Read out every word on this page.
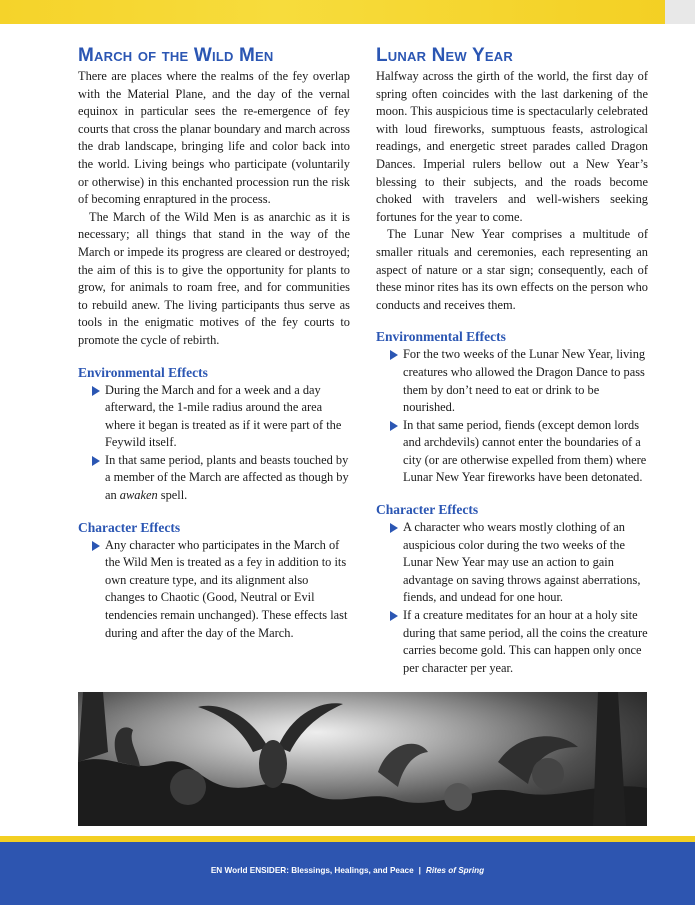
March of the Wild Men

There are places where the realms of the fey overlap with the Material Plane, and the day of the vernal equinox in particular sees the re-emergence of fey courts that cross the planar boundary and march across the drab landscape, bringing life and color back into the world. Living beings who participate (voluntarily or otherwise) in this enchanted procession run the risk of becoming enraptured in the process.

The March of the Wild Men is as anarchic as it is necessary; all things that stand in the way of the March or impede its progress are cleared or destroyed; the aim of this is to give the opportunity for plants to grow, for animals to roam free, and for communities to rebuild anew. The living participants thus serve as tools in the enigmatic motives of the fey courts to promote the cycle of rebirth.

Environmental Effects
During the March and for a week and a day afterward, the 1-mile radius around the area where it began is treated as if it were part of the Feywild itself.
In that same period, plants and beasts touched by a member of the March are affected as though by an awaken spell.
Character Effects
Any character who participates in the March of the Wild Men is treated as a fey in addition to its own creature type, and its alignment also changes to Chaotic (Good, Neutral or Evil tendencies remain unchanged). These effects last during and after the day of the March.
Lunar New Year

Halfway across the girth of the world, the first day of spring often coincides with the last darkening of the moon. This auspicious time is spectacularly celebrated with loud fireworks, sumptuous feasts, astrological readings, and energetic street parades called Dragon Dances. Imperial rulers bellow out a New Year’s blessing to their subjects, and the roads become choked with travelers and well-wishers seeking fortunes for the year to come.

The Lunar New Year comprises a multitude of smaller rituals and ceremonies, each representing an aspect of nature or a star sign; consequently, each of these minor rites has its own effects on the person who conducts and receives them.

Environmental Effects
For the two weeks of the Lunar New Year, living creatures who allowed the Dragon Dance to pass them by don’t need to eat or drink to be nourished.
In that same period, fiends (except demon lords and archdevils) cannot enter the boundaries of a city (or are otherwise expelled from them) where Lunar New Year fireworks have been detonated.
Character Effects
A character who wears mostly clothing of an auspicious color during the two weeks of the Lunar New Year may use an action to gain advantage on saving throws against aberrations, fiends, and undead for one hour.
If a creature meditates for an hour at a holy site during that same period, all the coins the creature carries become gold. This can happen only once per character per year.
EN World ENSIDER: Blessings, Healings, and Peace | Rites of Spring
